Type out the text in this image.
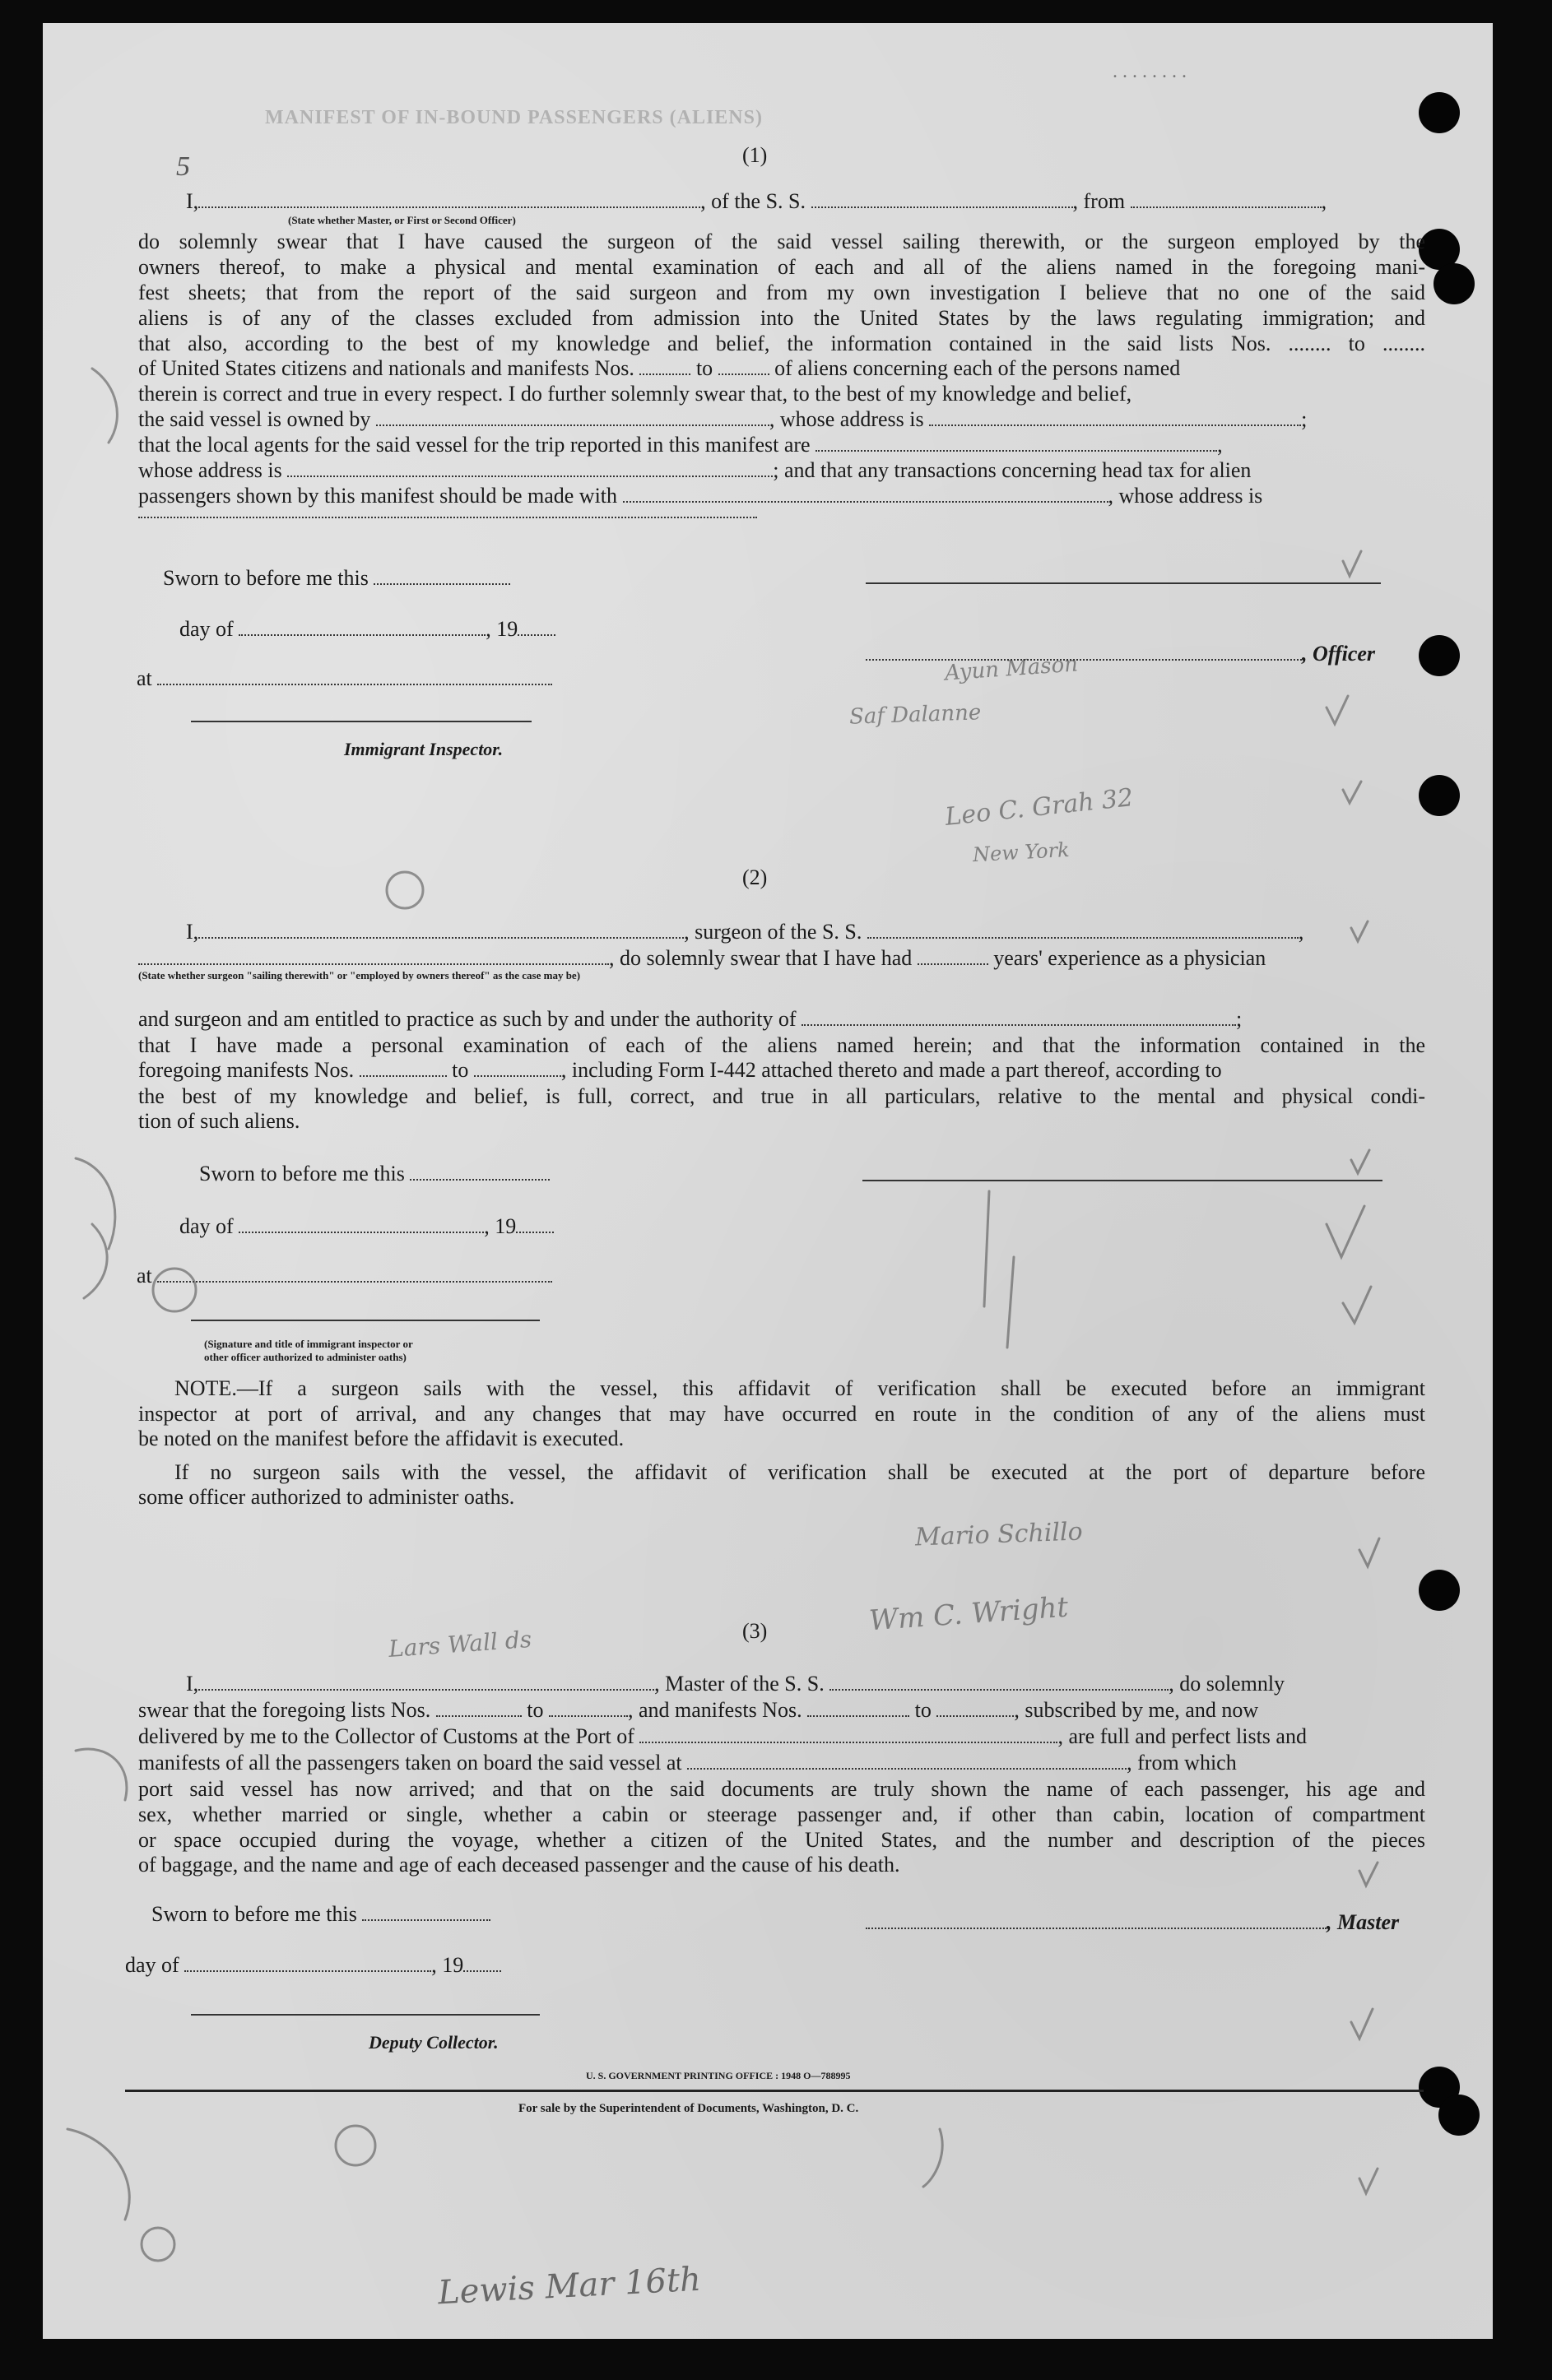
MANIFEST OF IN-BOUND PASSENGERS (ALIENS)
. . . . . . . .
(1)
5
I,	, of the S. S.	, from	,
(State whether Master, or First or Second Officer)
do solemnly swear that I have caused the surgeon of the said vessel sailing therewith, or the surgeon employed by the
owners thereof, to make a physical and mental examination of each and all of the aliens named in the foregoing mani-
fest sheets; that from the report of the said surgeon and from my own investigation I believe that no one of the said
aliens is of any of the classes excluded from admission into the United States by the laws regulating immigration; and
that also, according to the best of my knowledge and belief, the information contained in the said lists Nos. ........ to ........
of United States citizens and nationals and manifests Nos.	to	of aliens concerning each of the persons named
therein is correct and true in every respect. I do further solemnly swear that, to the best of my knowledge and belief,
the said vessel is owned by	, whose address is	;
that the local agents for the said vessel for the trip reported in this manifest are	,
whose address is	; and that any transactions concerning head tax for alien
passengers shown by this manifest should be made with	, whose address is
Sworn to before me this
day of	, 19
, Officer
at
Immigrant Inspector.
(2)
I,	, surgeon of the S. S.	,
, do solemnly swear that I have had	years' experience as a physician
(State whether surgeon "sailing therewith" or "employed by owners thereof" as the case may be)
and surgeon and am entitled to practice as such by and under the authority of	;
that I have made a personal examination of each of the aliens named herein; and that the information contained in the
foregoing manifests Nos.	to	, including Form I-442 attached thereto and made a part thereof, according to
the best of my knowledge and belief, is full, correct, and true in all particulars, relative to the mental and physical condi-
tion of such aliens.
Sworn to before me this
day of	, 19
at
(Signature and title of immigrant inspector or
other officer authorized to administer oaths)
NOTE.—If a surgeon sails with the vessel, this affidavit of verification shall be executed before an immigrant
inspector at port of arrival, and any changes that may have occurred en route in the condition of any of the aliens must
be noted on the manifest before the affidavit is executed.
If no surgeon sails with the vessel, the affidavit of verification shall be executed at the port of departure before
some officer authorized to administer oaths.
(3)
I,	, Master of the S. S.	, do solemnly
swear that the foregoing lists Nos.	to	, and manifests Nos.	to	, subscribed by me, and now
delivered by me to the Collector of Customs at the Port of	, are full and perfect lists and
manifests of all the passengers taken on board the said vessel at	, from which
port said vessel has now arrived; and that on the said documents are truly shown the name of each passenger, his age and
sex, whether married or single, whether a cabin or steerage passenger and, if other than cabin, location of compartment
or space occupied during the voyage, whether a citizen of the United States, and the number and description of the pieces
of baggage, and the name and age of each deceased passenger and the cause of his death.
Sworn to before me this	, Master
day of	, 19
Deputy Collector.
U. S. GOVERNMENT PRINTING OFFICE : 1948 O—788995
For sale by the Superintendent of Documents, Washington, D. C.
Ayun Mason
Saf Dalanne
Leo C. Grah 32
New York
Mario Schillo
Wm C. Wright
Lars Wall ds
Lewis Mar 16th
